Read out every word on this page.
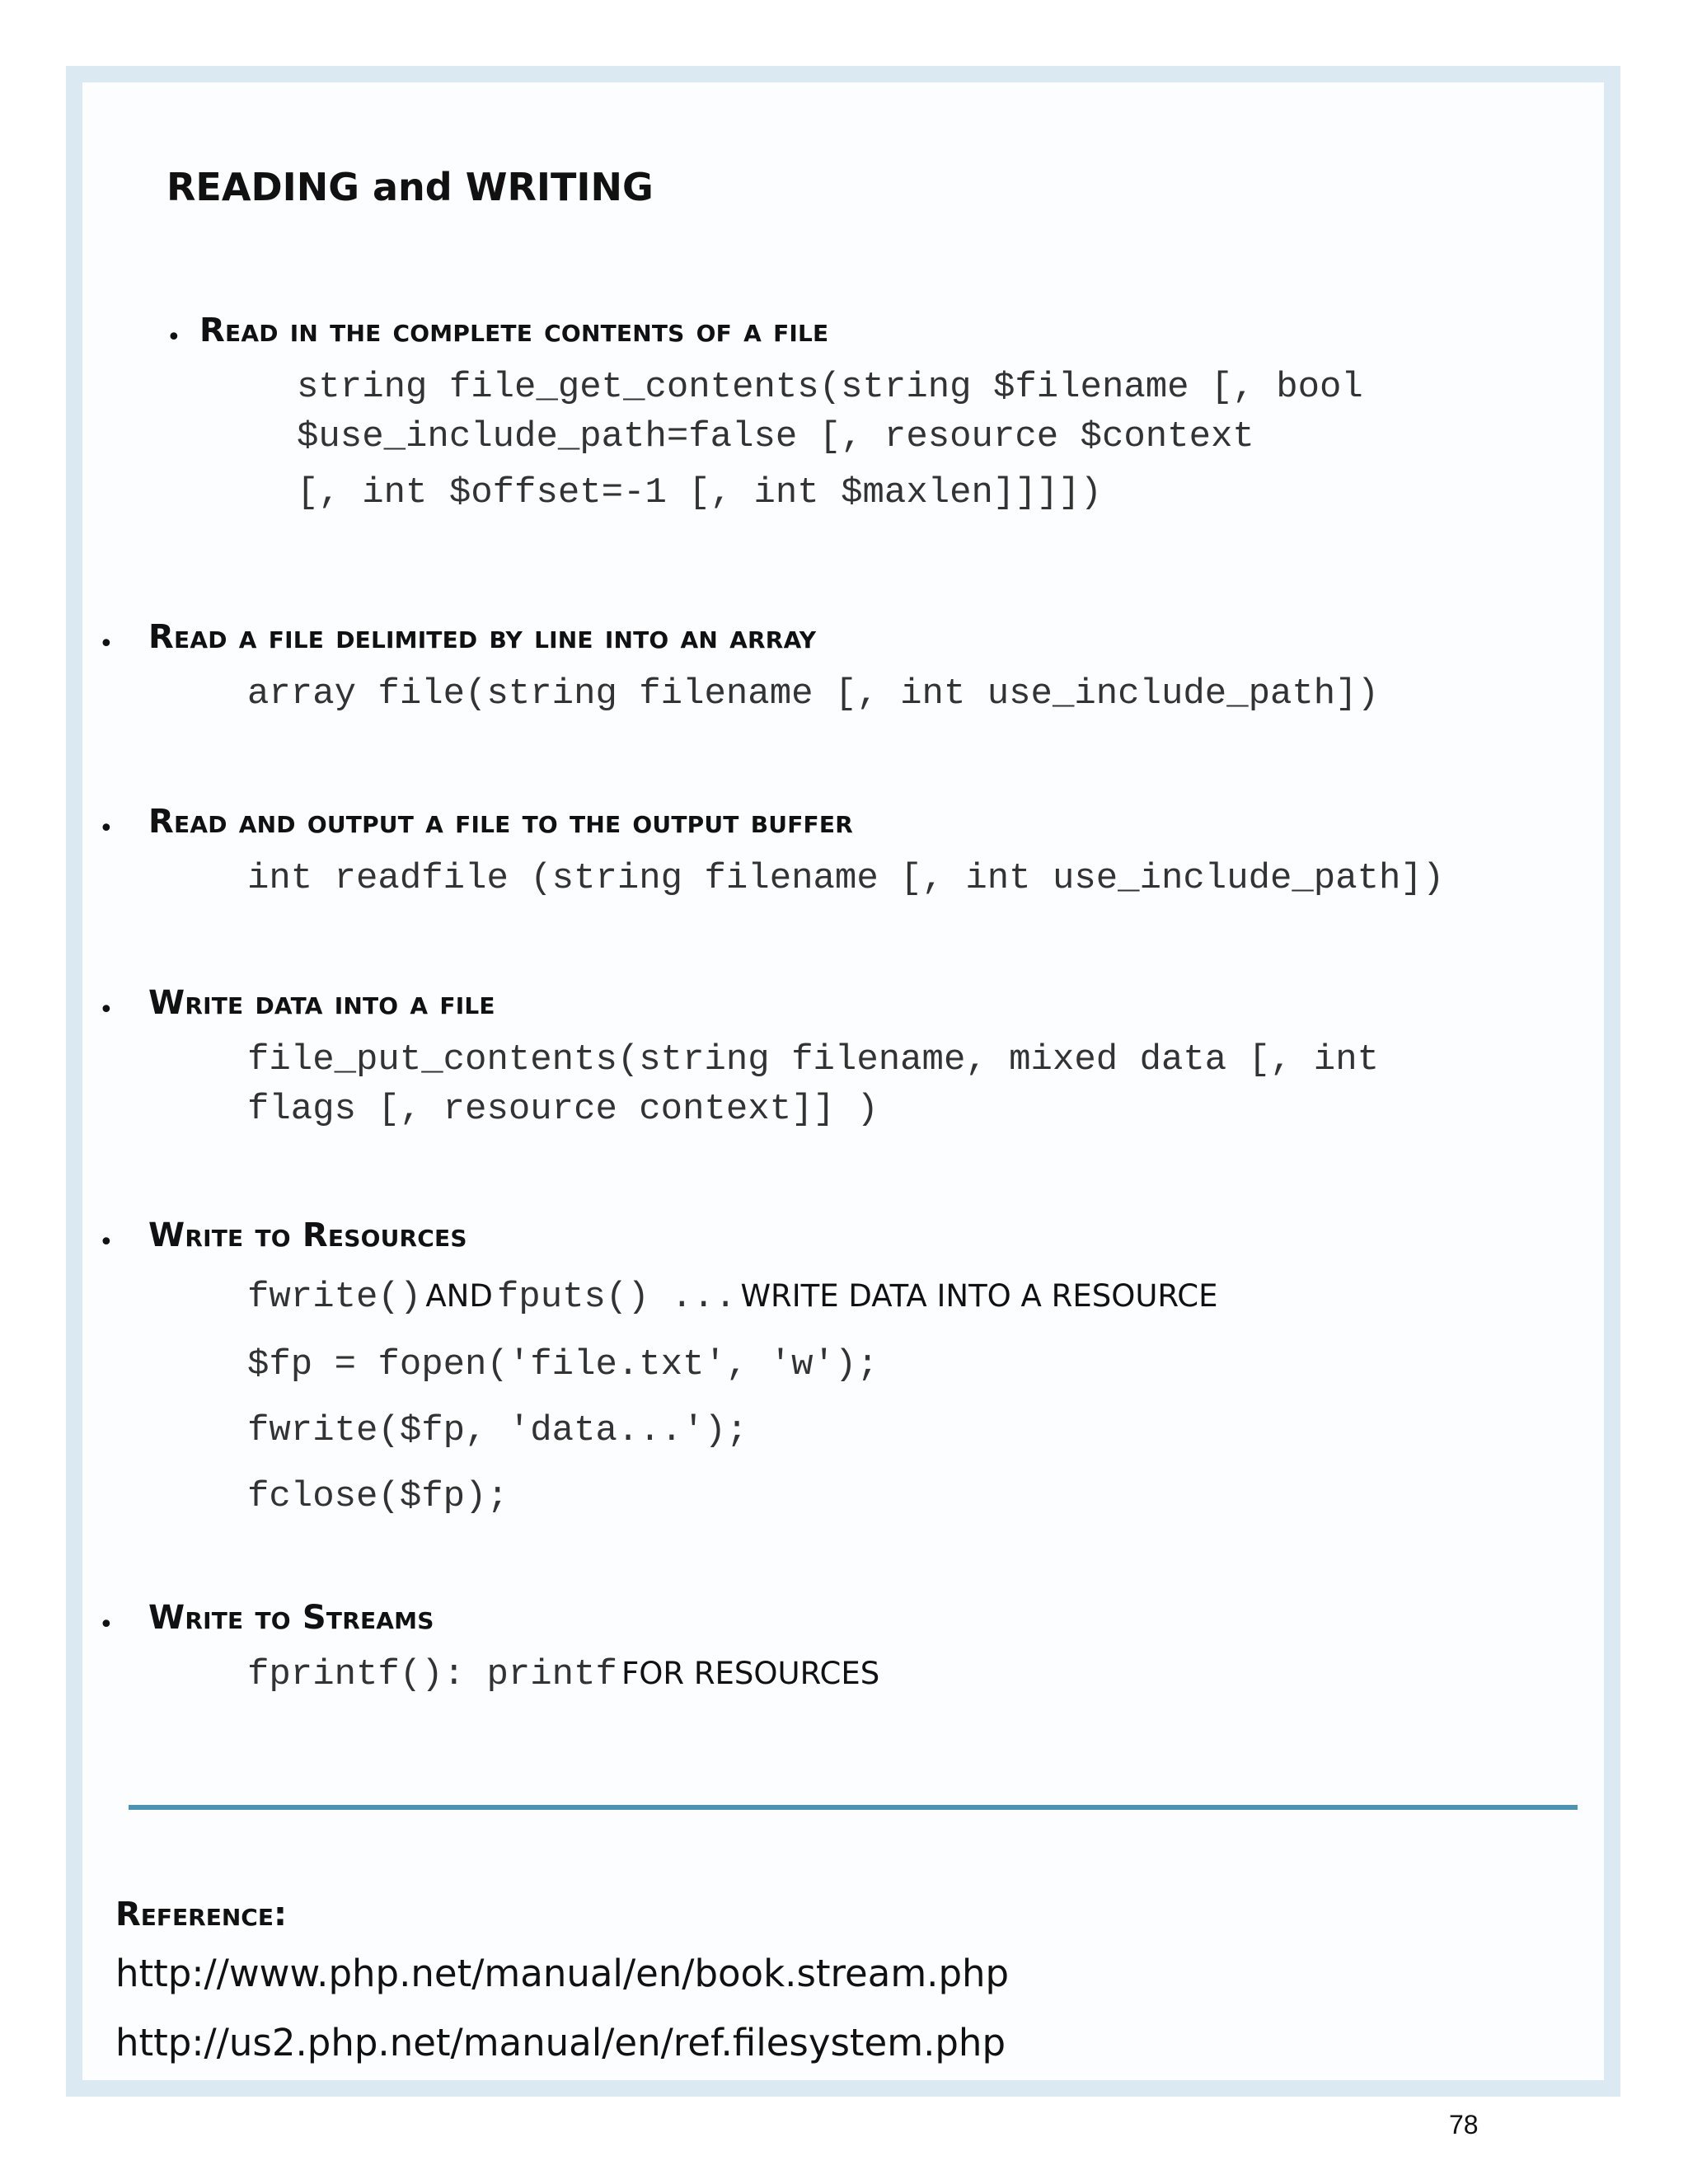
READING and WRITING
• Read in the complete contents of a file
string file_get_contents(string $filename [, bool
$use_include_path=false [, resource $context
[, int $offset=-1 [, int $maxlen]]]])
• Read a file delimited by line into an array
array file(string filename [, int use_include_path])
• Read and output a file to the output buffer
int readfile (string filename [, int use_include_path])
• Write data into a file
file_put_contents(string filename, mixed data [, int
flags [, resource context]] )
• Write to Resources
fwrite() AND fputs() ... WRITE DATA INTO A RESOURCE
$fp = fopen('file.txt', 'w');
fwrite($fp, 'data...');
fclose($fp);
• Write to Streams
fprintf(): printf FOR RESOURCES
Reference:
http://www.php.net/manual/en/book.stream.php
http://us2.php.net/manual/en/ref.filesystem.php
78
